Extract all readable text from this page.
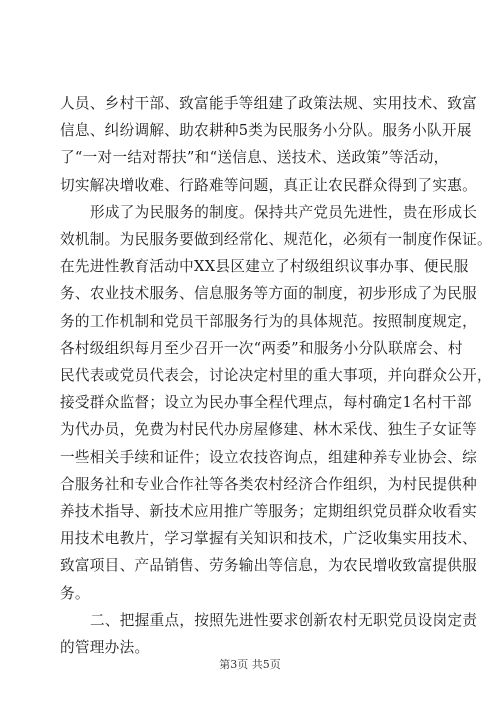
人员、乡村干部、致富能手等组建了政策法规、实用技术、致富
信息、纠纷调解、助农耕种5类为民服务小分队。服务小队开展
了“一对一结对帮扶”和“送信息、送技术、送政策”等活动，
切实解决增收难、行路难等问题，真正让农民群众得到了实惠。
形成了为民服务的制度。保持共产党员先进性，贵在形成长
效机制。为民服务要做到经常化、规范化，必须有一制度作保证。
在先进性教育活动中XX县区建立了村级组织议事办事、便民服
务、农业技术服务、信息服务等方面的制度，初步形成了为民服
务的工作机制和党员干部服务行为的具体规范。按照制度规定，
各村级组织每月至少召开一次“两委”和服务小分队联席会、村
民代表或党员代表会，讨论决定村里的重大事项，并向群众公开，
接受群众监督；设立为民办事全程代理点，每村确定1名村干部
为代办员，免费为村民代办房屋修建、林木采伐、独生子女证等
一些相关手续和证件；设立农技咨询点，组建种养专业协会、综
合服务社和专业合作社等各类农村经济合作组织，为村民提供种
养技术指导、新技术应用推广等服务；定期组织党员群众收看实
用技术电教片，学习掌握有关知识和技术，广泛收集实用技术、
致富项目、产品销售、劳务输出等信息，为农民增收致富提供服
务。
二、把握重点，按照先进性要求创新农村无职党员设岗定责
的管理办法。
第3页 共5页
